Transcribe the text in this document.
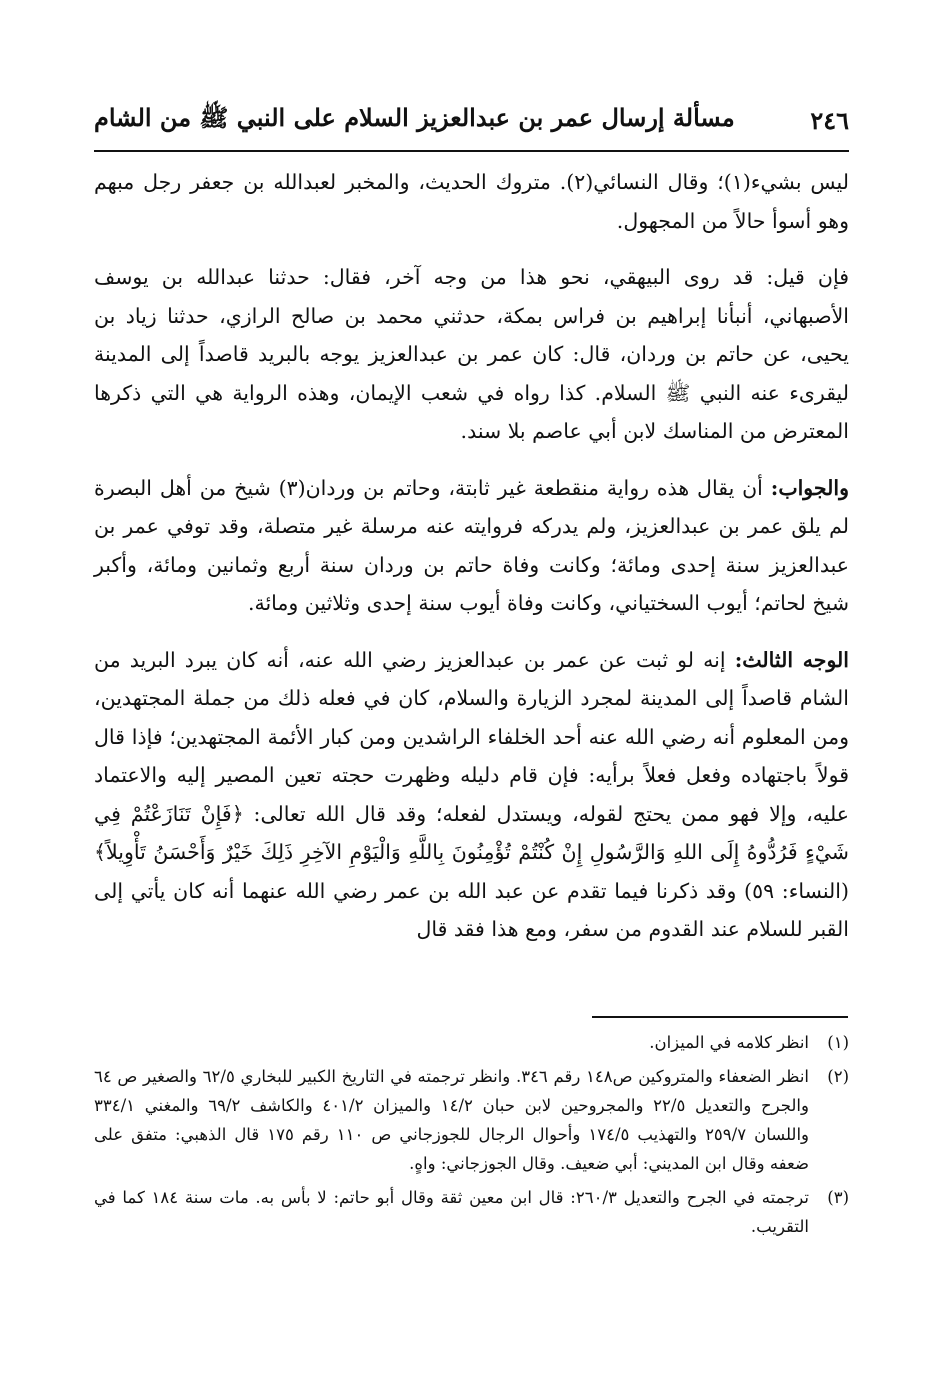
٢٤٦
مسألة إرسال عمر بن عبدالعزيز السلام على النبي ﷺ من الشام

ليس بشيء(١)؛ وقال النسائي(٢). متروك الحديث، والمخبر لعبدالله بن جعفر رجل مبهم وهو أسوأ حالاً من المجهول.

فإن قيل: قد روى البيهقي، نحو هذا من وجه آخر، فقال: حدثنا عبدالله بن يوسف الأصبهاني، أنبأنا إبراهيم بن فراس بمكة، حدثني محمد بن صالح الرازي، حدثنا زياد بن يحيى، عن حاتم بن وردان، قال: كان عمر بن عبدالعزيز يوجه بالبريد قاصداً إلى المدينة ليقرىء عنه النبي ﷺ السلام. كذا رواه في شعب الإيمان، وهذه الرواية هي التي ذكرها المعترض من المناسك لابن أبي عاصم بلا سند.

والجواب: أن يقال هذه رواية منقطعة غير ثابتة، وحاتم بن وردان(٣) شيخ من أهل البصرة لم يلق عمر بن عبدالعزيز، ولم يدركه فروايته عنه مرسلة غير متصلة، وقد توفي عمر بن عبدالعزيز سنة إحدى ومائة؛ وكانت وفاة حاتم بن وردان سنة أربع وثمانين ومائة، وأكبر شيخ لحاتم؛ أيوب السختياني، وكانت وفاة أيوب سنة إحدى وثلاثين ومائة.

الوجه الثالث: إنه لو ثبت عن عمر بن عبدالعزيز رضي الله عنه، أنه كان يبرد البريد من الشام قاصداً إلى المدينة لمجرد الزيارة والسلام، كان في فعله ذلك من جملة المجتهدين، ومن المعلوم أنه رضي الله عنه أحد الخلفاء الراشدين ومن كبار الأئمة المجتهدين؛ فإذا قال قولاً باجتهاده وفعل فعلاً برأيه: فإن قام دليله وظهرت حجته تعين المصير إليه والاعتماد عليه، وإلا فهو ممن يحتج لقوله، ويستدل لفعله؛ وقد قال الله تعالى: ﴿فَإِنْ تَنَازَعْتُمْ فِي شَيْءٍ فَرُدُّوهُ إِلَى اللهِ وَالرَّسُولِ إِنْ كُنْتُمْ تُؤْمِنُونَ بِاللَّهِ وَالْيَوْمِ الآخِرِ ذَلِكَ خَيْرٌ وَأَحْسَنُ تَأْوِيلاً﴾ (النساء: ٥٩) وقد ذكرنا فيما تقدم عن عبد الله بن عمر رضي الله عنهما أنه كان يأتي إلى القبر للسلام عند القدوم من سفر، ومع هذا فقد قال

(١)
انظر كلامه في الميزان.
(٢)
انظر الضعفاء والمتروكين ص١٤٨ رقم ٣٤٦. وانظر ترجمته في التاريخ الكبير للبخاري ٦٢/٥ والصغير ص ٦٤ والجرح والتعديل ٢٢/٥ والمجروحين لابن حبان ١٤/٢ والميزان ٤٠١/٢ والكاشف ٦٩/٢ والمغني ٣٣٤/١ واللسان ٢٥٩/٧ والتهذيب ١٧٤/٥ وأحوال الرجال للجوزجاني ص ١١٠ رقم ١٧٥ قال الذهبي: متفق على ضعفه وقال ابن المديني: أبي ضعيف. وقال الجوزجاني: واهٍ.
(٣)
ترجمته في الجرح والتعديل ٢٦٠/٣: قال ابن معين ثقة وقال أبو حاتم: لا بأس به. مات سنة ١٨٤ كما في التقريب.
